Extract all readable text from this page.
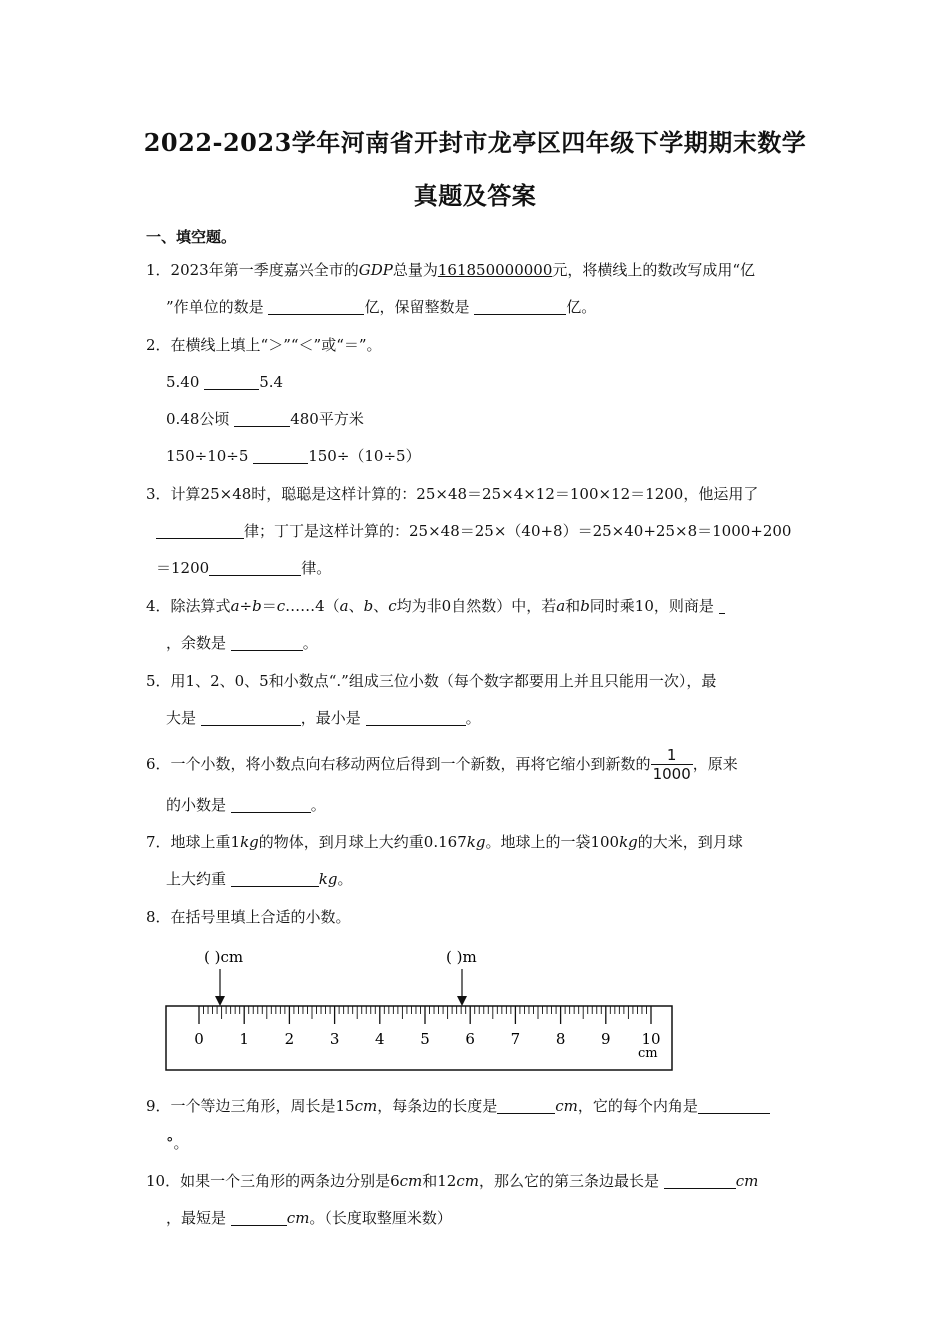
2022-2023学年河南省开封市龙亭区四年级下学期期末数学
真题及答案
一、填空题。
1．2023年第一季度嘉兴全市的GDP总量为161850000000元，将横线上的数改写成用“亿
”作单位的数是	亿，保留整数是	亿。
2．在横线上填上“＞”“＜”或“＝”。
5.40	5.4
0.48公顷	480平方米
150÷10÷5	150÷（10÷5）
3．计算25×48时，聪聪是这样计算的：25×48＝25×4×12＝100×12＝1200，他运用了
律；丁丁是这样计算的：25×48＝25×（40+8）＝25×40+25×8＝1000+200
＝1200	律。
4．除法算式a÷b＝c……4（a、b、c均为非0自然数）中，若a和b同时乘10，则商是
，余数是	。
5．用1、2、0、5和小数点“.”组成三位小数（每个数字都要用上并且只能用一次），最
大是	，最小是	。
6．一个小数，将小数点向右移动两位后得到一个新数，再将它缩小到新数的 $\frac{1}{1000}$ ，原来
的小数是	。
7．地球上重1kg的物体，到月球上大约重0.167kg。地球上的一袋100kg的大米，到月球
上大约重	kg。
8．在括号里填上合适的小数。
( )cm	( )m
0 1 2 3 4 5 6 7 8 9 10
cm
9．一个等边三角形，周长是15cm，每条边的长度是	cm，它的每个内角是
°。
10．如果一个三角形的两条边分别是6cm和12cm，那么它的第三条边最长是	cm
，最短是	cm。（长度取整厘米数）
